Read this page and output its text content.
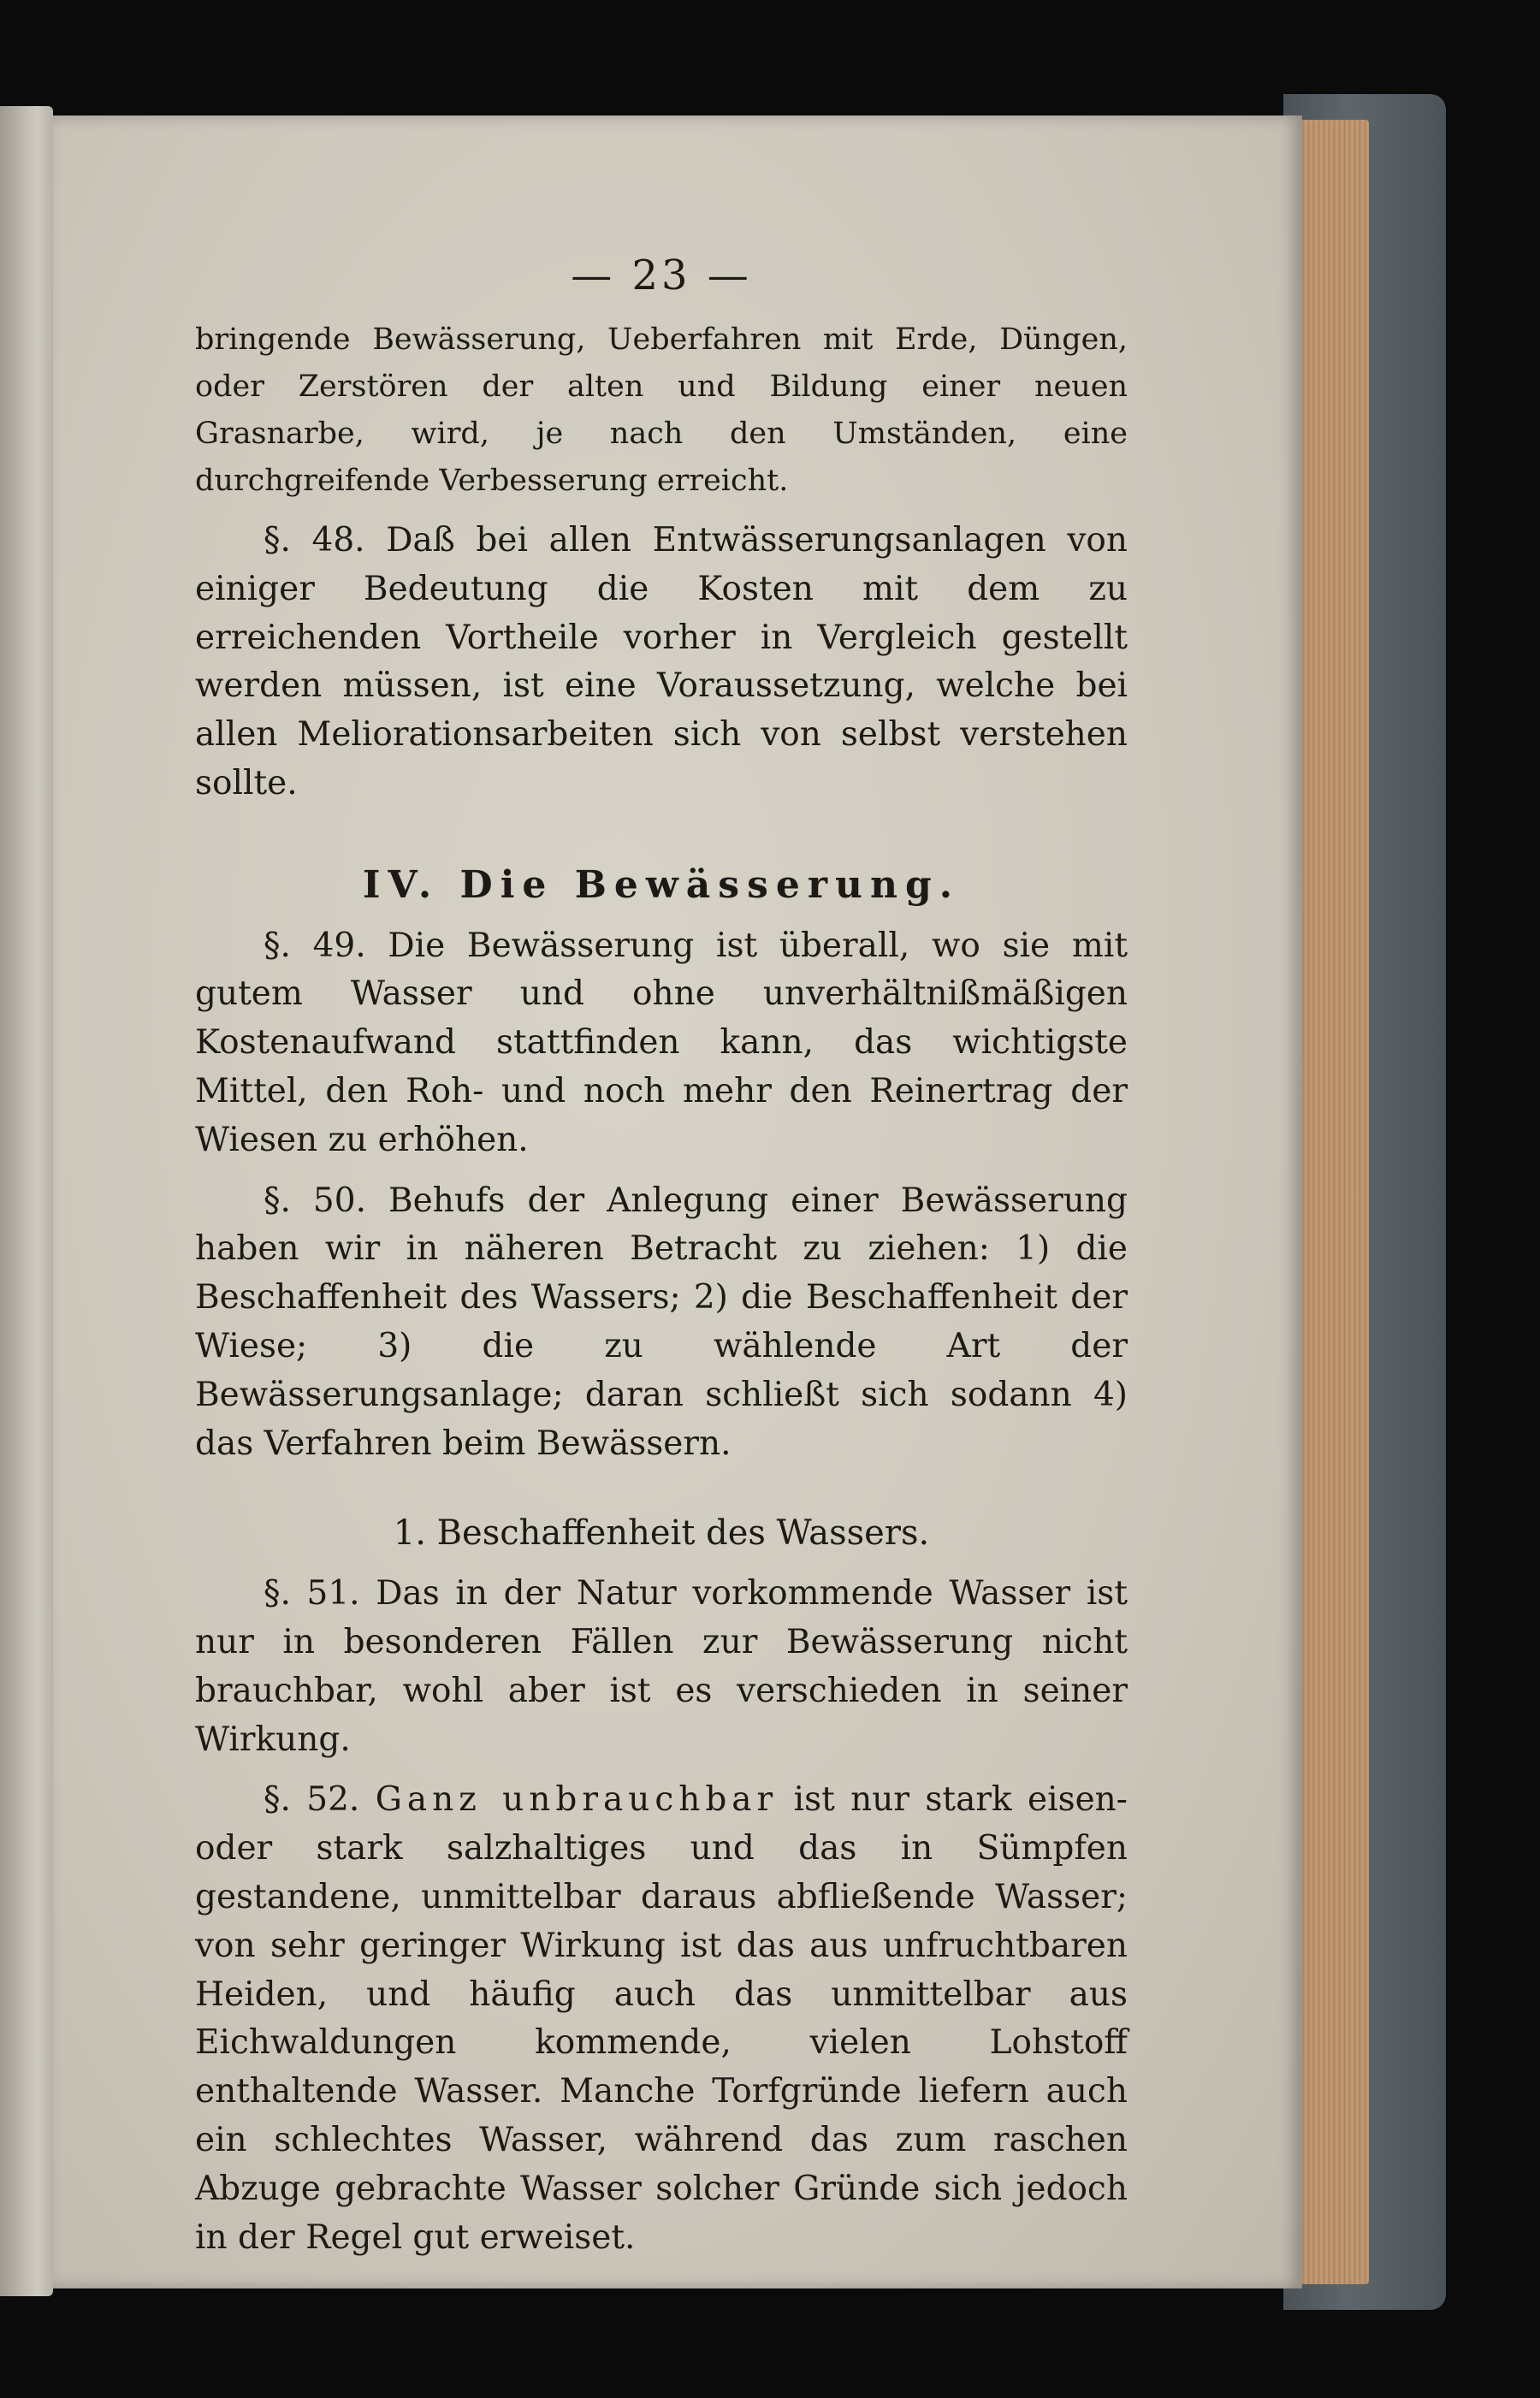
— 23 —

bringende Bewässerung, Ueberfahren mit Erde, Düngen, oder Zerstören der alten und Bildung einer neuen Grasnarbe, wird, je nach den Umständen, eine durchgreifende Verbesserung erreicht.

§. 48. Daß bei allen Entwässerungsanlagen von einiger Bedeutung die Kosten mit dem zu erreichenden Vortheile vorher in Vergleich gestellt werden müssen, ist eine Voraussetzung, welche bei allen Meliorationsarbeiten sich von selbst verstehen sollte.

IV. Die Bewässerung.

§. 49. Die Bewässerung ist überall, wo sie mit gutem Wasser und ohne unverhältnißmäßigen Kostenaufwand stattfinden kann, das wichtigste Mittel, den Roh- und noch mehr den Reinertrag der Wiesen zu erhöhen.

§. 50. Behufs der Anlegung einer Bewässerung haben wir in näheren Betracht zu ziehen: 1) die Beschaffenheit des Wassers; 2) die Beschaffenheit der Wiese; 3) die zu wählende Art der Bewässerungsanlage; daran schließt sich sodann 4) das Verfahren beim Bewässern.

1. Beschaffenheit des Wassers.

§. 51. Das in der Natur vorkommende Wasser ist nur in besonderen Fällen zur Bewässerung nicht brauchbar, wohl aber ist es verschieden in seiner Wirkung.

§. 52. Ganz unbrauchbar ist nur stark eisen- oder stark salzhaltiges und das in Sümpfen gestandene, unmittelbar daraus abfließende Wasser; von sehr geringer Wirkung ist das aus unfruchtbaren Heiden, und häufig auch das unmittelbar aus Eichwaldungen kommende, vielen Lohstoff enthaltende Wasser. Manche Torfgründe liefern auch ein schlechtes Wasser, während das zum raschen Abzuge gebrachte Wasser solcher Gründe sich jedoch in der Regel gut erweiset.
